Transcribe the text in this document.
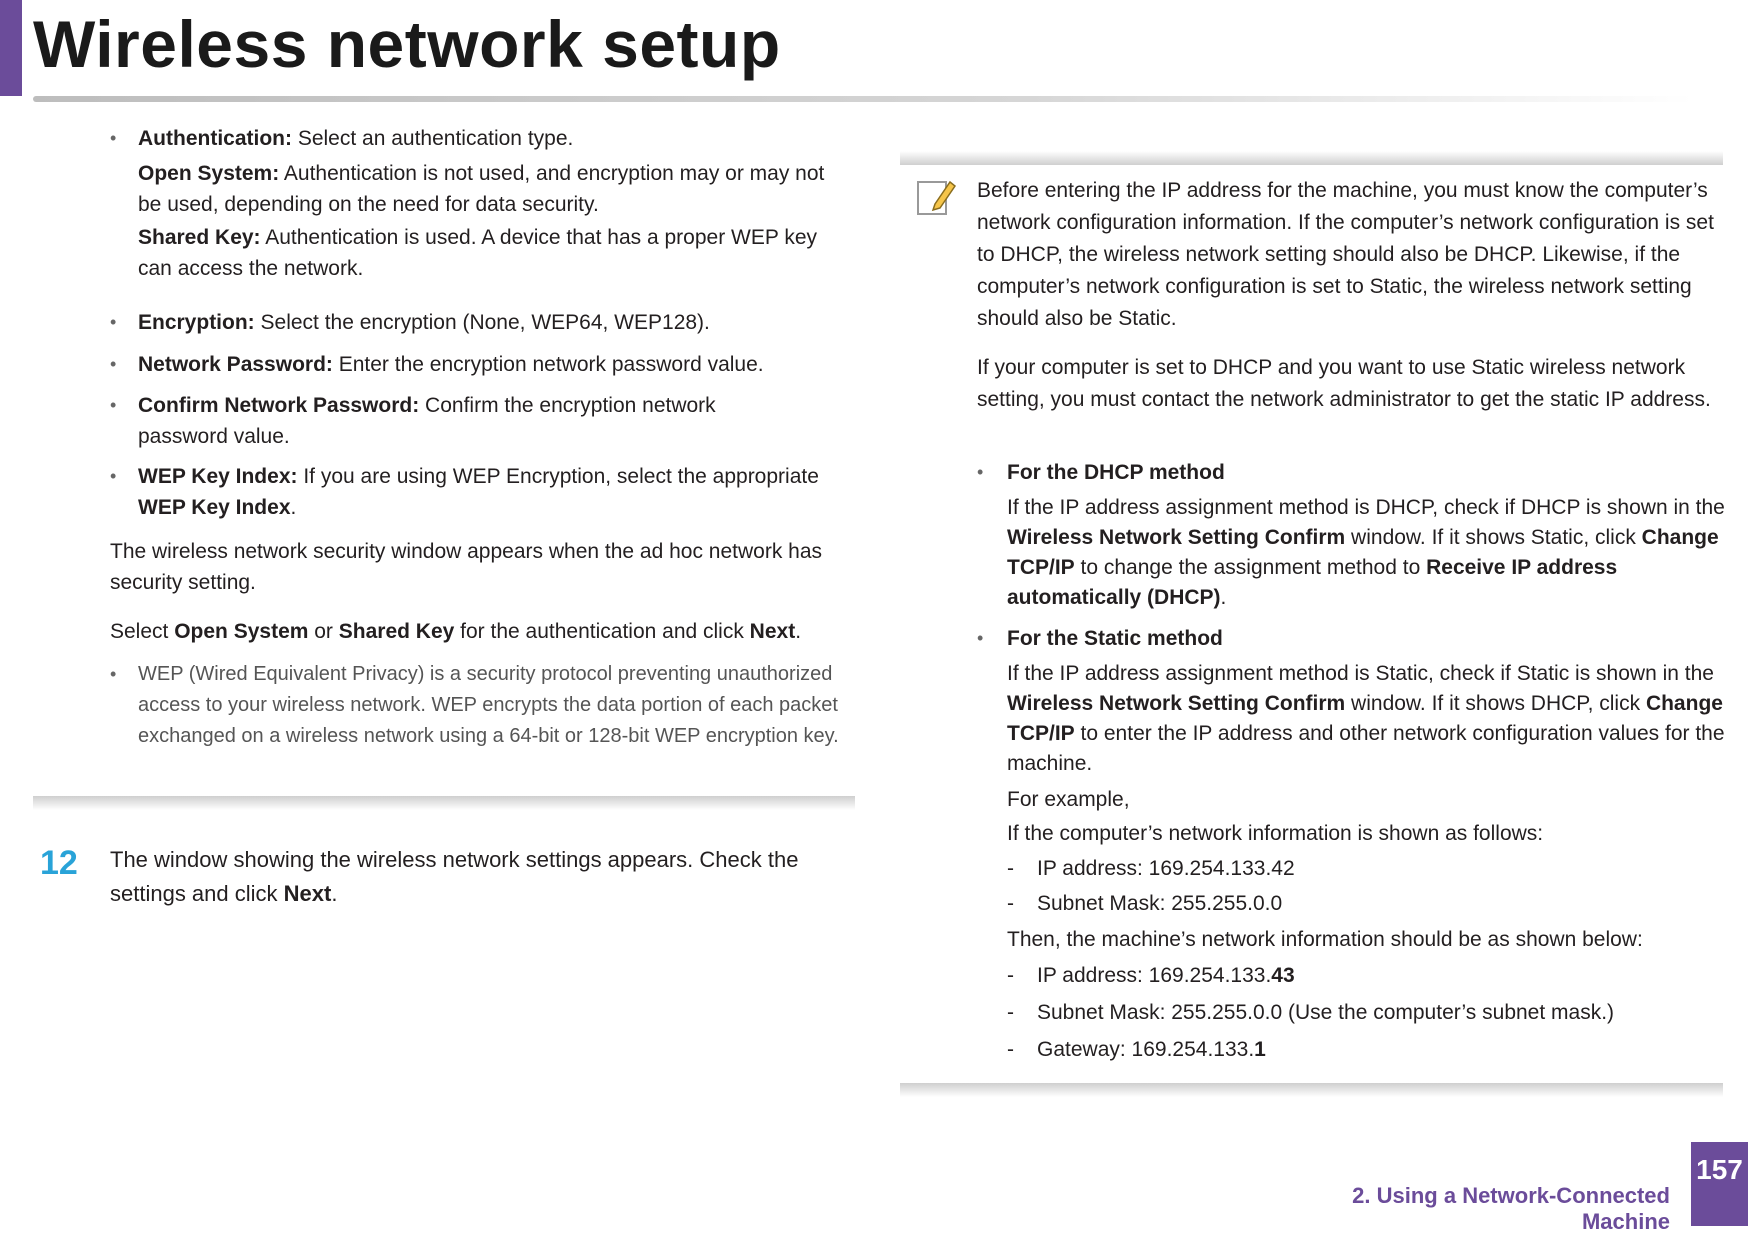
Wireless network setup
• Authentication: Select an authentication type.
Open System: Authentication is not used, and encryption may or may not be used, depending on the need for data security.
Shared Key: Authentication is used. A device that has a proper WEP key can access the network.
• Encryption: Select the encryption (None, WEP64, WEP128).
• Network Password: Enter the encryption network password value.
• Confirm Network Password: Confirm the encryption network password value.
• WEP Key Index: If you are using WEP Encryption, select the appropriate WEP Key Index.
The wireless network security window appears when the ad hoc network has security setting.
Select Open System or Shared Key for the authentication and click Next.
• WEP (Wired Equivalent Privacy) is a security protocol preventing unauthorized access to your wireless network. WEP encrypts the data portion of each packet exchanged on a wireless network using a 64-bit or 128-bit WEP encryption key.
12 The window showing the wireless network settings appears. Check the settings and click Next.
Before entering the IP address for the machine, you must know the computer’s network configuration information. If the computer’s network configuration is set to DHCP, the wireless network setting should also be DHCP. Likewise, if the computer’s network configuration is set to Static, the wireless network setting should also be Static.
If your computer is set to DHCP and you want to use Static wireless network setting, you must contact the network administrator to get the static IP address.
• For the DHCP method
If the IP address assignment method is DHCP, check if DHCP is shown in the Wireless Network Setting Confirm window. If it shows Static, click Change TCP/IP to change the assignment method to Receive IP address automatically (DHCP).
• For the Static method
If the IP address assignment method is Static, check if Static is shown in the Wireless Network Setting Confirm window. If it shows DHCP, click Change TCP/IP to enter the IP address and other network configuration values for the machine.
For example,
If the computer’s network information is shown as follows:
- IP address: 169.254.133.42
- Subnet Mask: 255.255.0.0
Then, the machine’s network information should be as shown below:
- IP address: 169.254.133.43
- Subnet Mask: 255.255.0.0 (Use the computer’s subnet mask.)
- Gateway: 169.254.133.1
2. Using a Network-Connected Machine
157
